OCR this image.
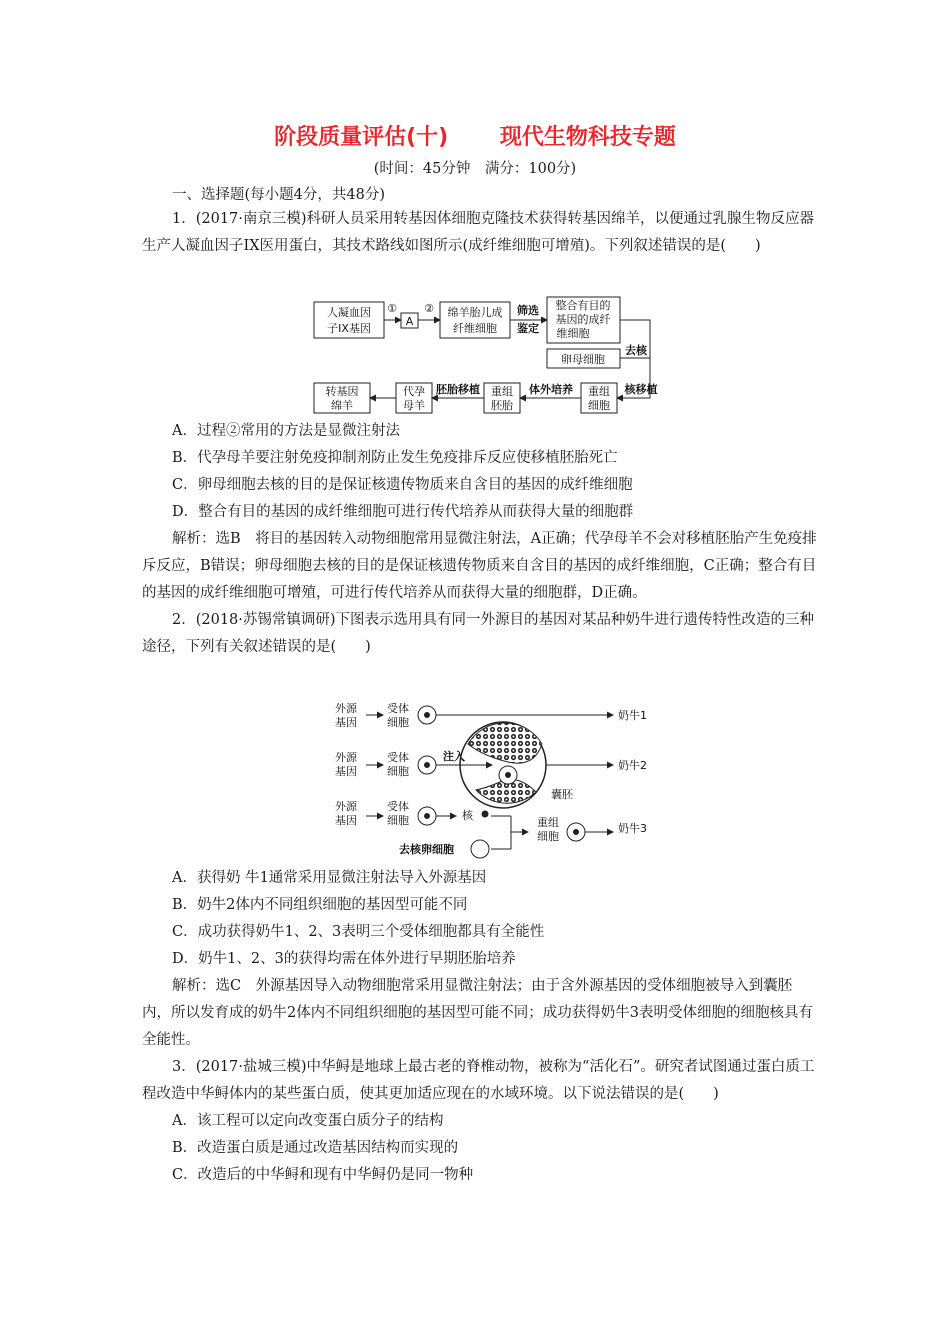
阶段质量评估(十) 现代生物科技专题
(时间：45分钟　满分：100分)
一、选择题(每小题4分，共48分)

1．(2017·南京三模)科研人员采用转基因体细胞克隆技术获得转基因绵羊，以便通过乳腺生物反应器生产人凝血因子IX医用蛋白，其技术路线如图所示(成纤维细胞可增殖)。下列叙述错误的是(　　)

人凝血因
子IX基因
①
A
② 绵羊胎儿成
纤维细胞
筛选
鉴定
整合有目的
基因的成纤
维细胞
卵母细胞
去核
核移植
重组
细胞
体外培养
重组
胚胎
胚胎移植
代孕
母羊
转基因
绵羊

A．过程②常用的方法是显微注射法

B．代孕母羊要注射免疫抑制剂防止发生免疫排斥反应使移植胚胎死亡

C．卵母细胞去核的目的是保证核遗传物质来自含目的基因的成纤维细胞

D．整合有目的基因的成纤维细胞可进行传代培养从而获得大量的细胞群

解析：选B　将目的基因转入动物细胞常用显微注射法，A正确；代孕母羊不会对移植胚胎产生免疫排斥反应，B错误；卵母细胞去核的目的是保证核遗传物质来自含目的基因的成纤维细胞，C正确；整合有目的基因的成纤维细胞可增殖，可进行传代培养从而获得大量的细胞群，D正确。

2．(2018·苏锡常镇调研)下图表示选用具有同一外源目的基因对某品种奶牛进行遗传特性改造的三种途径，下列有关叙述错误的是(　　)

外源
基因
受体
细胞
奶牛1
外源
基因
受体
细胞
注入
奶牛2
囊胚
外源
基因
受体
细胞	核
去核卵细胞
重组
细胞
奶牛3

A．获得奶 牛1通常采用显微注射法导入外源基因

B．奶牛2体内不同组织细胞的基因型可能不同

C．成功获得奶牛1、2、3表明三个受体细胞都具有全能性

D．奶牛1、2、3的获得均需在体外进行早期胚胎培养

解析：选C　外源基因导入动物细胞常采用显微注射法；由于含外源基因的受体细胞被导入到囊胚内，所以发育成的奶牛2体内不同组织细胞的基因型可能不同；成功获得奶牛3表明受体细胞的细胞核具有全能性。

3．(2017·盐城三模)中华鲟是地球上最古老的脊椎动物，被称为“活化石”。研究者试图通过蛋白质工程改造中华鲟体内的某些蛋白质，使其更加适应现在的水域环境。以下说法错误的是(　　)

A．该工程可以定向改变蛋白质分子的结构

B．改造蛋白质是通过改造基因结构而实现的

C．改造后的中华鲟和现有中华鲟仍是同一物种
